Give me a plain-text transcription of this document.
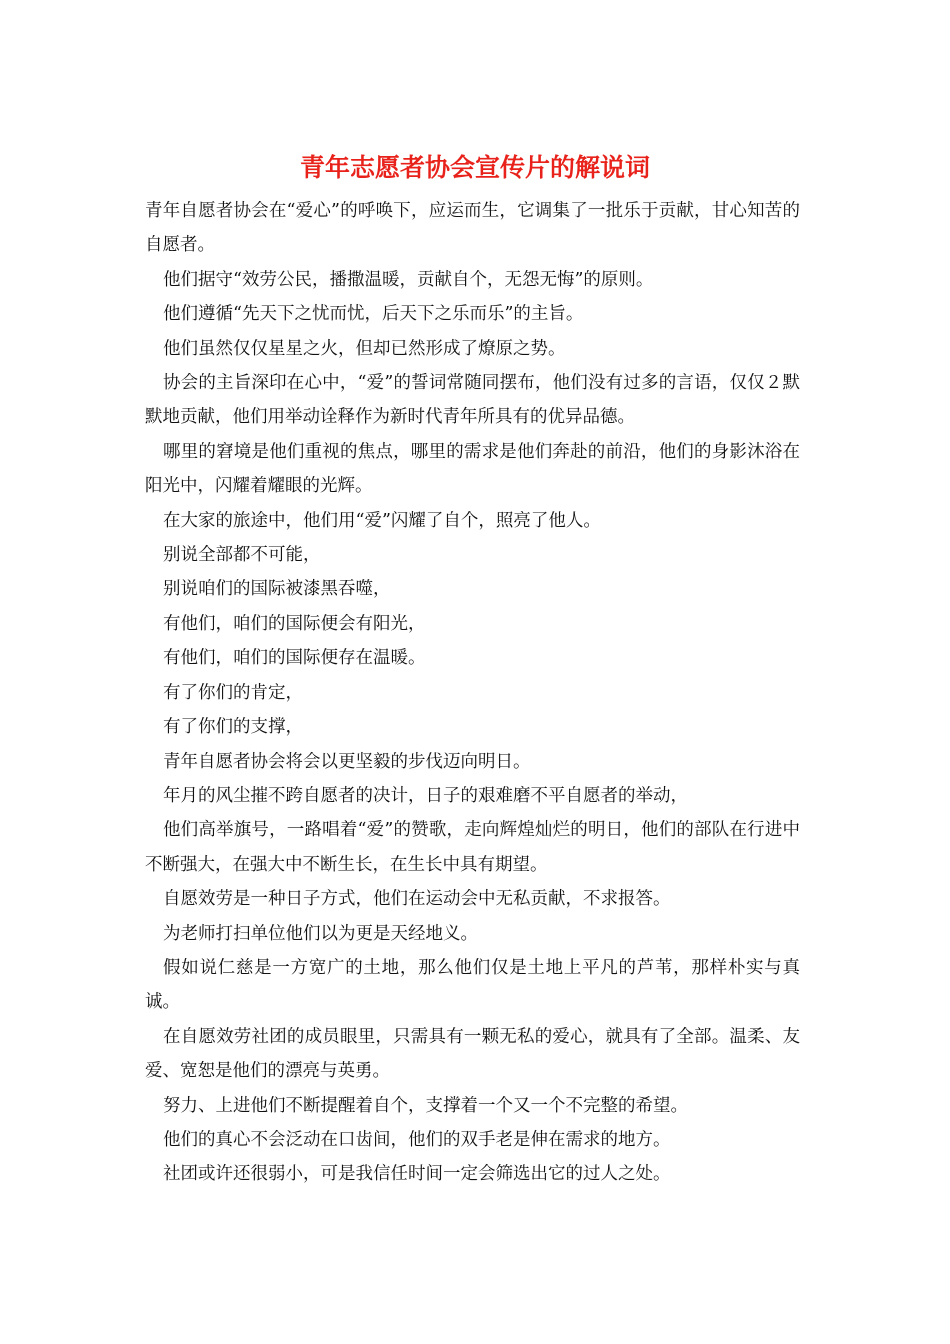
青年志愿者协会宣传片的解说词

青年自愿者协会在“爱心”的呼唤下，应运而生，它调集了一批乐于贡献，甘心知苦的自愿者。

他们据守“效劳公民，播撒温暖，贡献自个，无怨无悔”的原则。

他们遵循“先天下之忧而忧，后天下之乐而乐”的主旨。

他们虽然仅仅星星之火，但却已然形成了燎原之势。

协会的主旨深印在心中，“爱”的誓词常随同摆布，他们没有过多的言语，仅仅２默默地贡献，他们用举动诠释作为新时代青年所具有的优异品德。

哪里的窘境是他们重视的焦点，哪里的需求是他们奔赴的前沿，他们的身影沐浴在阳光中，闪耀着耀眼的光辉。

在大家的旅途中，他们用“爱”闪耀了自个，照亮了他人。

别说全部都不可能，

别说咱们的国际被漆黑吞噬，

有他们，咱们的国际便会有阳光，

有他们，咱们的国际便存在温暖。

有了你们的肯定，

有了你们的支撑，

青年自愿者协会将会以更坚毅的步伐迈向明日。

年月的风尘摧不跨自愿者的决计，日子的艰难磨不平自愿者的举动，

他们高举旗号，一路唱着“爱”的赞歌，走向辉煌灿烂的明日，他们的部队在行进中不断强大，在强大中不断生长，在生长中具有期望。

自愿效劳是一种日子方式，他们在运动会中无私贡献，不求报答。

为老师打扫单位他们以为更是天经地义。

假如说仁慈是一方宽广的土地，那么他们仅是土地上平凡的芦苇，那样朴实与真诚。

在自愿效劳社团的成员眼里，只需具有一颗无私的爱心，就具有了全部。温柔、友爱、宽恕是他们的漂亮与英勇。

努力、上进他们不断提醒着自个，支撑着一个又一个不完整的希望。

他们的真心不会泛动在口齿间，他们的双手老是伸在需求的地方。

社团或许还很弱小，可是我信任时间一定会筛选出它的过人之处。
